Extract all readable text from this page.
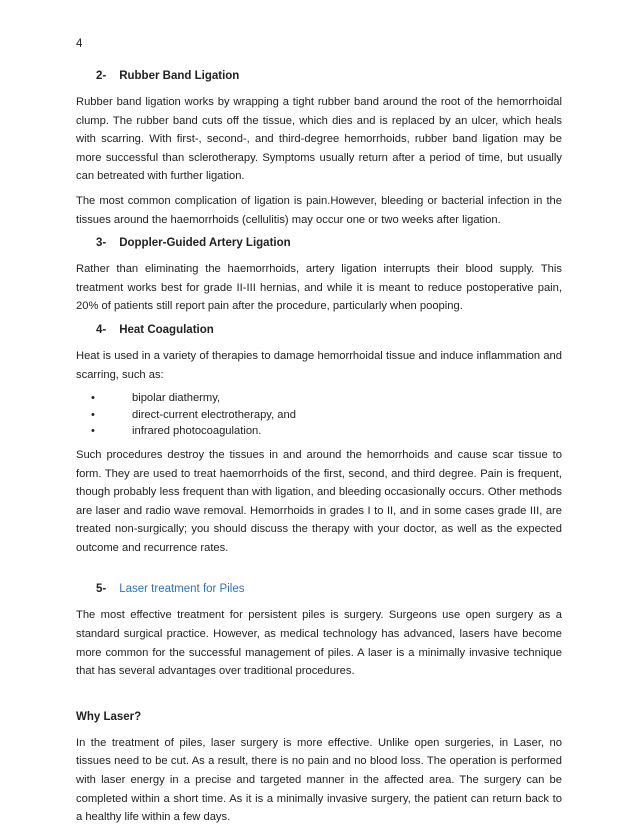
4
2- Rubber Band Ligation

Rubber band ligation works by wrapping a tight rubber band around the root of the hemorrhoidal clump. The rubber band cuts off the tissue, which dies and is replaced by an ulcer, which heals with scarring. With first-, second-, and third-degree hemorrhoids, rubber band ligation may be more successful than sclerotherapy. Symptoms usually return after a period of time, but usually can betreated with further ligation.

The most common complication of ligation is pain.However, bleeding or bacterial infection in the tissues around the haemorrhoids (cellulitis) may occur one or two weeks after ligation.

3- Doppler-Guided Artery Ligation

Rather than eliminating the haemorrhoids, artery ligation interrupts their blood supply. This treatment works best for grade II-III hernias, and while it is meant to reduce postoperative pain, 20% of patients still report pain after the procedure, particularly when pooping.

4- Heat Coagulation

Heat is used in a variety of therapies to damage hemorrhoidal tissue and induce inflammation and scarring, such as:

•	bipolar diathermy,
•	direct-current electrotherapy, and
•	infrared photocoagulation.

Such procedures destroy the tissues in and around the hemorrhoids and cause scar tissue to form. They are used to treat haemorrhoids of the first, second, and third degree. Pain is frequent, though probably less frequent than with ligation, and bleeding occasionally occurs. Other methods are laser and radio wave removal. Hemorrhoids in grades I to II, and in some cases grade III, are treated non-surgically; you should discuss the therapy with your doctor, as well as the expected outcome and recurrence rates.

5- Laser treatment for Piles

The most effective treatment for persistent piles is surgery. Surgeons use open surgery as a standard surgical practice. However, as medical technology has advanced, lasers have become more common for the successful management of piles. A laser is a minimally invasive technique that has several advantages over traditional procedures.

Why Laser?

In the treatment of piles, laser surgery is more effective. Unlike open surgeries, in Laser, no tissues need to be cut. As a result, there is no pain and no blood loss. The operation is performed with laser energy in a precise and targeted manner in the affected area. The surgery can be completed within a short time. As it is a minimally invasive surgery, the patient can return back to a healthy life within a few days.
